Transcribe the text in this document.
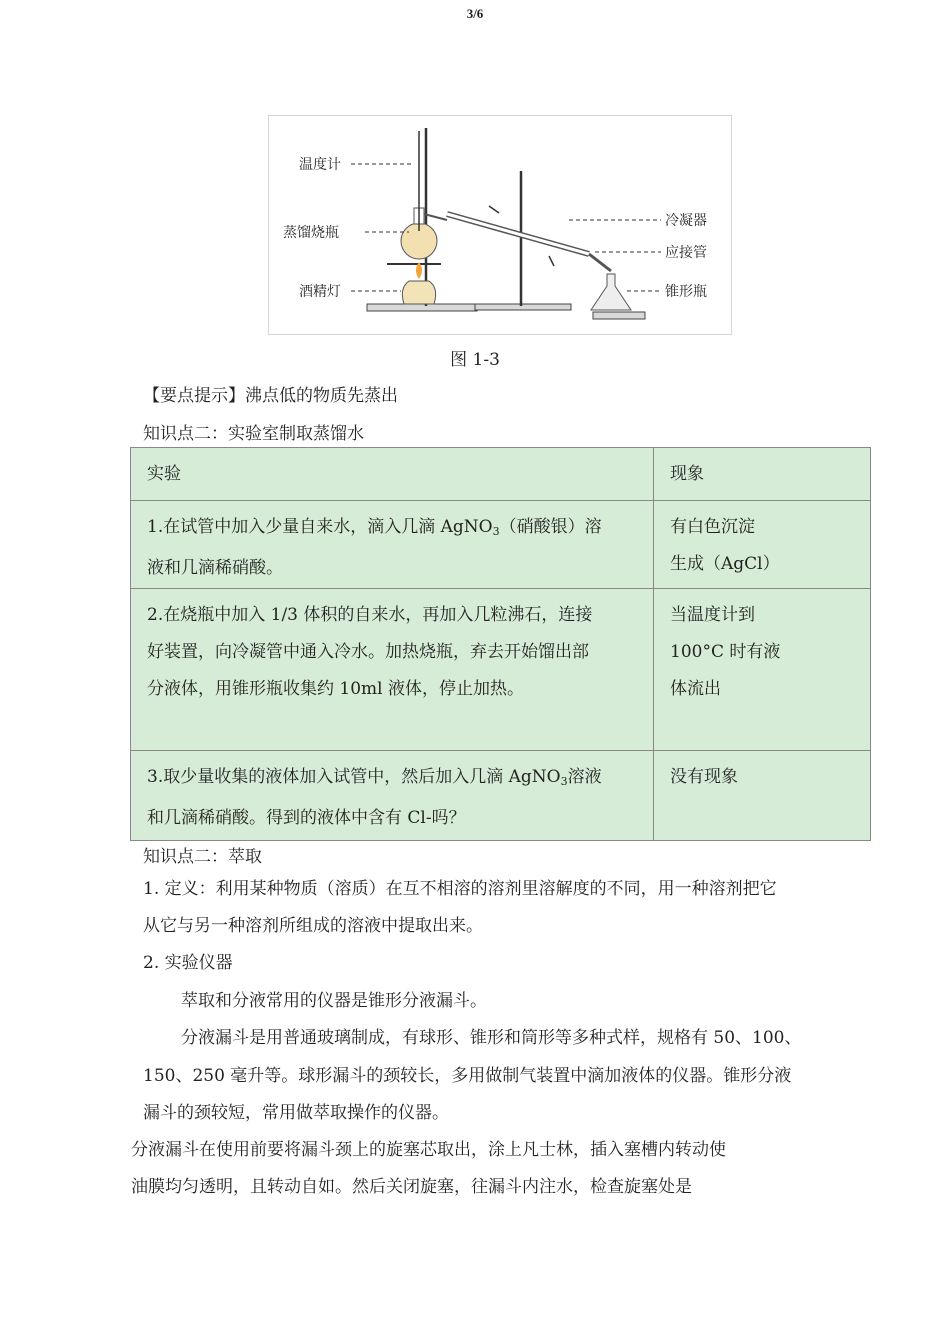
3/6
温度计
蒸馏烧瓶
酒精灯
冷凝器
应接管
锥形瓶
图 1-3
【要点提示】沸点低的物质先蒸出
知识点二：实验室制取蒸馏水
实验	现象
1.在试管中加入少量自来水，滴入几滴 AgNO$_3$（硝酸银）溶
液和几滴稀硝酸。	有白色沉淀
生成（AgCl）
2.在烧瓶中加入 1/3 体积的自来水，再加入几粒沸石，连接
好装置，向冷凝管中通入冷水。加热烧瓶，弃去开始馏出部
分液体，用锥形瓶收集约 10ml 液体，停止加热。	当温度计到
100°C 时有液
体流出
3.取少量收集的液体加入试管中，然后加入几滴 AgNO$_3$溶液
和几滴稀硝酸。得到的液体中含有 Cl-吗？	没有现象
知识点二：萃取
1. 定义：利用某种物质（溶质）在互不相溶的溶剂里溶解度的不同，用一种溶剂把它
从它与另一种溶剂所组成的溶液中提取出来。
2. 实验仪器
萃取和分液常用的仪器是锥形分液漏斗。
分液漏斗是用普通玻璃制成，有球形、锥形和筒形等多种式样，规格有 50、100、
150、250 毫升等。球形漏斗的颈较长，多用做制气装置中滴加液体的仪器。锥形分液
漏斗的颈较短，常用做萃取操作的仪器。
分液漏斗在使用前要将漏斗颈上的旋塞芯取出，涂上凡士林，插入塞槽内转动使
油膜均匀透明，且转动自如。然后关闭旋塞，往漏斗内注水，检查旋塞处是
